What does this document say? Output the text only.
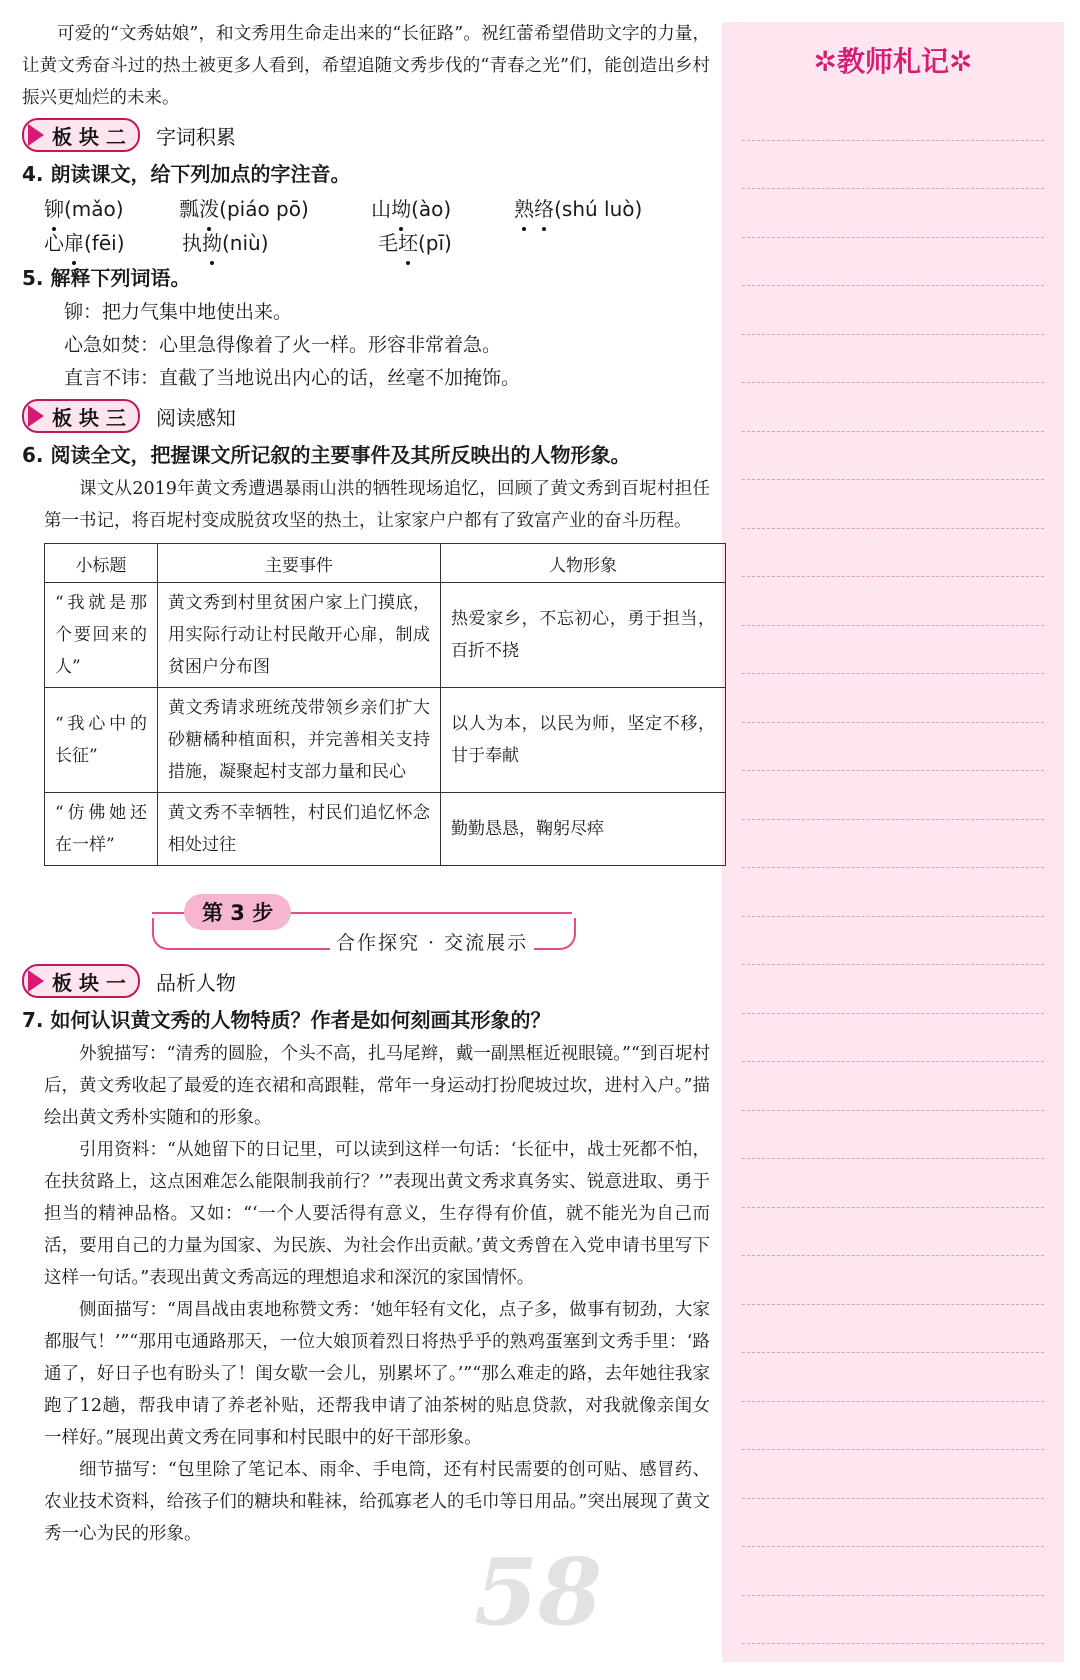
58

可爱的“文秀姑娘”，和文秀用生命走出来的“长征路”。祝红蕾希望借助文字的力量，让黄文秀奋斗过的热土被更多人看到，希望追随文秀步伐的“青春之光”们，能创造出乡村振兴更灿烂的未来。

板 块 二 字词积累

4. 朗读课文，给下列加点的字注音。

铆(mǎo)	瓢泼(piáo pō)	山坳(ào)	熟络(shú luò)
心扉(fēi)	执拗(niù)	毛坯(pī)

5. 解释下列词语。

铆：把力气集中地使出来。

心急如焚：心里急得像着了火一样。形容非常着急。

直言不讳：直截了当地说出内心的话，丝毫不加掩饰。

板 块 三 阅读感知

6. 阅读全文，把握课文所记叙的主要事件及其所反映出的人物形象。

课文从2019年黄文秀遭遇暴雨山洪的牺牲现场追忆，回顾了黄文秀到百坭村担任第一书记，将百坭村变成脱贫攻坚的热土，让家家户户都有了致富产业的奋斗历程。

小标题	主要事件	人物形象
“我就是那个要回来的人”	黄文秀到村里贫困户家上门摸底，用实际行动让村民敞开心扉，制成贫困户分布图	热爱家乡，不忘初心，勇于担当，百折不挠
“我心中的长征”	黄文秀请求班统茂带领乡亲们扩大砂糖橘种植面积，并完善相关支持措施，凝聚起村支部力量和民心	以人为本，以民为师，坚定不移，甘于奉献
“仿佛她还在一样”	黄文秀不幸牺牲，村民们追忆怀念相处过往	勤勤恳恳，鞠躬尽瘁
第 3 步
合作探究 · 交流展示
板 块 一 品析人物

7. 如何认识黄文秀的人物特质？作者是如何刻画其形象的？

外貌描写：“清秀的圆脸，个头不高，扎马尾辫，戴一副黑框近视眼镜。”“到百坭村后，黄文秀收起了最爱的连衣裙和高跟鞋，常年一身运动打扮爬坡过坎，进村入户。”描绘出黄文秀朴实随和的形象。

引用资料：“从她留下的日记里，可以读到这样一句话：‘长征中，战士死都不怕，在扶贫路上，这点困难怎么能限制我前行？’”表现出黄文秀求真务实、锐意进取、勇于担当的精神品格。又如：“‘一个人要活得有意义，生存得有价值，就不能光为自己而活，要用自己的力量为国家、为民族、为社会作出贡献。’黄文秀曾在入党申请书里写下这样一句话。”表现出黄文秀高远的理想追求和深沉的家国情怀。

侧面描写：“周昌战由衷地称赞文秀：‘她年轻有文化，点子多，做事有韧劲，大家都服气！’”“那用屯通路那天，一位大娘顶着烈日将热乎乎的熟鸡蛋塞到文秀手里：‘路通了，好日子也有盼头了！闺女歇一会儿，别累坏了。’”“那么难走的路，去年她往我家跑了12趟，帮我申请了养老补贴，还帮我申请了油茶树的贴息贷款，对我就像亲闺女一样好。”展现出黄文秀在同事和村民眼中的好干部形象。

细节描写：“包里除了笔记本、雨伞、手电筒，还有村民需要的创可贴、感冒药、农业技术资料，给孩子们的糖块和鞋袜，给孤寡老人的毛巾等日用品。”突出展现了黄文秀一心为民的形象。

✲教师札记✲
